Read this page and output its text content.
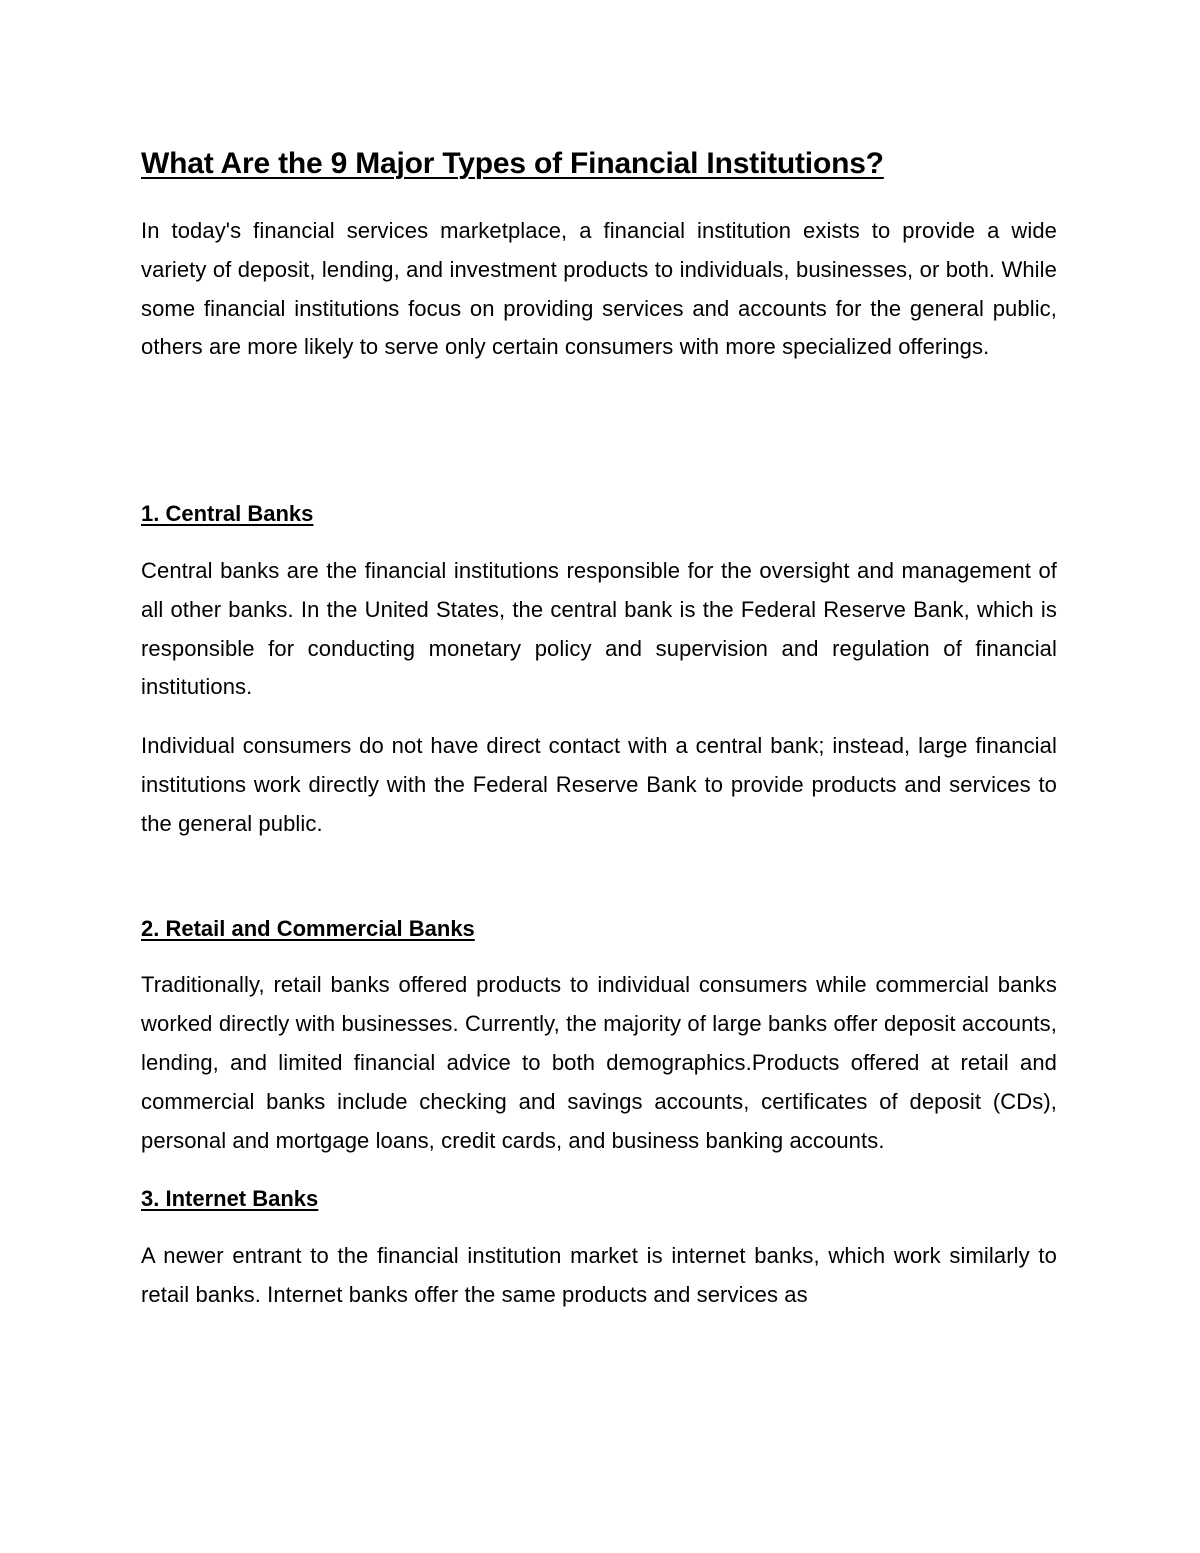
What Are the 9 Major Types of Financial Institutions?

In today's financial services marketplace, a financial institution exists to provide a wide variety of deposit, lending, and investment products to individuals, businesses, or both. While some financial institutions focus on providing services and accounts for the general public, others are more likely to serve only certain consumers with more specialized offerings.

1. Central Banks

Central banks are the financial institutions responsible for the oversight and management of all other banks. In the United States, the central bank is the Federal Reserve Bank, which is responsible for conducting monetary policy and supervision and regulation of financial institutions.

Individual consumers do not have direct contact with a central bank; instead, large financial institutions work directly with the Federal Reserve Bank to provide products and services to the general public.

2. Retail and Commercial Banks

Traditionally, retail banks offered products to individual consumers while commercial banks worked directly with businesses. Currently, the majority of large banks offer deposit accounts, lending, and limited financial advice to both demographics.Products offered at retail and commercial banks include checking and savings accounts, certificates of deposit (CDs), personal and mortgage loans, credit cards, and business banking accounts.

3. Internet Banks

A newer entrant to the financial institution market is internet banks, which work similarly to retail banks. Internet banks offer the same products and services as
